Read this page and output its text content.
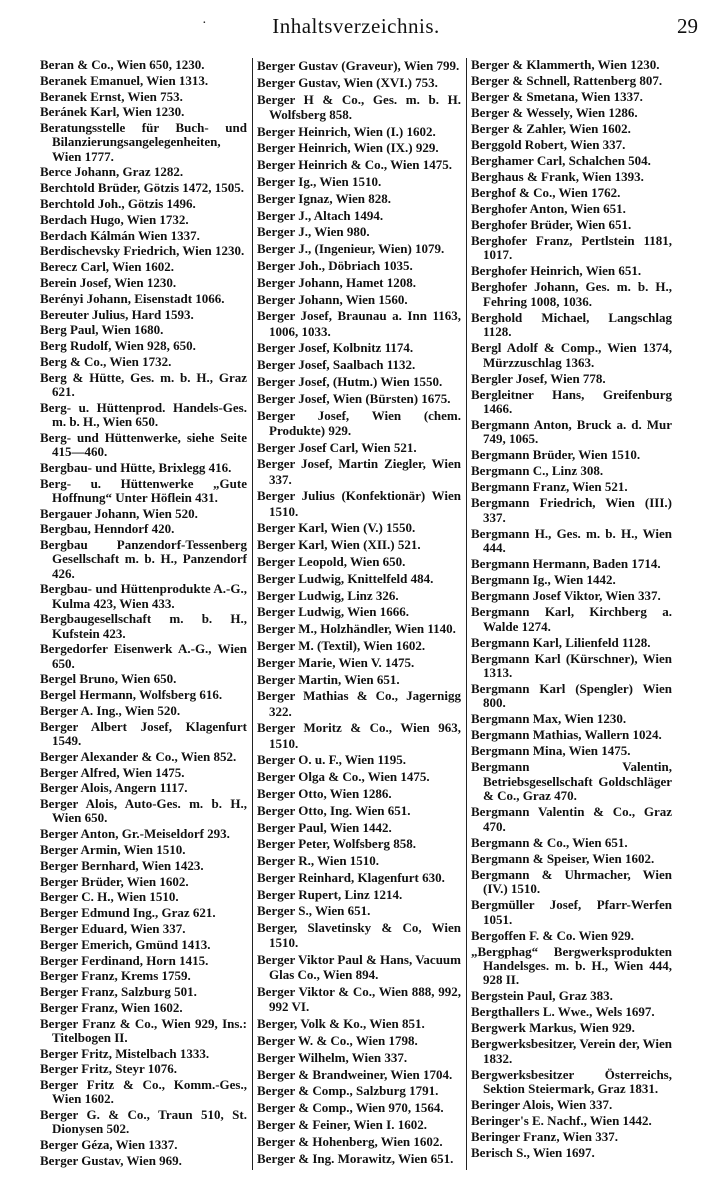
·	Inhaltsverzeichnis.	29
Beran & Co., Wien 650, 1230.
Beranek Emanuel, Wien 1313.
Beranek Ernst, Wien 753.
Beránek Karl, Wien 1230.
Beratungsstelle für Buch- und Bilanzierungsangelegenheiten, Wien 1777.
Berce Johann, Graz 1282.
Berchtold Brüder, Götzis 1472, 1505.
Berchtold Joh., Götzis 1496.
Berdach Hugo, Wien 1732.
Berdach Kálmán Wien 1337.
Berdischevsky Friedrich, Wien 1230.
Berecz Carl, Wien 1602.
Berein Josef, Wien 1230.
Berényi Johann, Eisenstadt 1066.
Bereuter Julius, Hard 1593.
Berg Paul, Wien 1680.
Berg Rudolf, Wien 928, 650.
Berg & Co., Wien 1732.
Berg & Hütte, Ges. m. b. H., Graz 621.
Berg- u. Hüttenprod. Handels-Ges. m. b. H., Wien 650.
Berg- und Hüttenwerke, siehe Seite 415—460.
Bergbau- und Hütte, Brixlegg 416.
Berg- u. Hüttenwerke „Gute Hoffnung“ Unter Höflein 431.
Bergauer Johann, Wien 520.
Bergbau, Henndorf 420.
Bergbau Panzendorf-Tessenberg Gesellschaft m. b. H., Panzendorf 426.
Bergbau- und Hüttenprodukte A.-G., Kulma 423, Wien 433.
Bergbaugesellschaft m. b. H., Kufstein 423.
Bergedorfer Eisenwerk A.-G., Wien 650.
Bergel Bruno, Wien 650.
Bergel Hermann, Wolfsberg 616.
Berger A. Ing., Wien 520.
Berger Albert Josef, Klagenfurt 1549.
Berger Alexander & Co., Wien 852.
Berger Alfred, Wien 1475.
Berger Alois, Angern 1117.
Berger Alois, Auto-Ges. m. b. H., Wien 650.
Berger Anton, Gr.-Meiseldorf 293.
Berger Armin, Wien 1510.
Berger Bernhard, Wien 1423.
Berger Brüder, Wien 1602.
Berger C. H., Wien 1510.
Berger Edmund Ing., Graz 621.
Berger Eduard, Wien 337.
Berger Emerich, Gmünd 1413.
Berger Ferdinand, Horn 1415.
Berger Franz, Krems 1759.
Berger Franz, Salzburg 501.
Berger Franz, Wien 1602.
Berger Franz & Co., Wien 929, Ins.: Titelbogen II.
Berger Fritz, Mistelbach 1333.
Berger Fritz, Steyr 1076.
Berger Fritz & Co., Komm.-Ges., Wien 1602.
Berger G. & Co., Traun 510, St. Dionysen 502.
Berger Géza, Wien 1337.
Berger Gustav, Wien 969.
Berger Gustav (Graveur), Wien 799.
Berger Gustav, Wien (XVI.) 753.
Berger H & Co., Ges. m. b. H. Wolfsberg 858.
Berger Heinrich, Wien (I.) 1602.
Berger Heinrich, Wien (IX.) 929.
Berger Heinrich & Co., Wien 1475.
Berger Ig., Wien 1510.
Berger Ignaz, Wien 828.
Berger J., Altach 1494.
Berger J., Wien 980.
Berger J., (Ingenieur, Wien) 1079.
Berger Joh., Döbriach 1035.
Berger Johann, Hamet 1208.
Berger Johann, Wien 1560.
Berger Josef, Braunau a. Inn 1163, 1006, 1033.
Berger Josef, Kolbnitz 1174.
Berger Josef, Saalbach 1132.
Berger Josef, (Hutm.) Wien 1550.
Berger Josef, Wien (Bürsten) 1675.
Berger Josef, Wien (chem. Produkte) 929.
Berger Josef Carl, Wien 521.
Berger Josef, Martin Ziegler, Wien 337.
Berger Julius (Konfektionär) Wien 1510.
Berger Karl, Wien (V.) 1550.
Berger Karl, Wien (XII.) 521.
Berger Leopold, Wien 650.
Berger Ludwig, Knittelfeld 484.
Berger Ludwig, Linz 326.
Berger Ludwig, Wien 1666.
Berger M., Holzhändler, Wien 1140.
Berger M. (Textil), Wien 1602.
Berger Marie, Wien V. 1475.
Berger Martin, Wien 651.
Berger Mathias & Co., Jagernigg 322.
Berger Moritz & Co., Wien 963, 1510.
Berger O. u. F., Wien 1195.
Berger Olga & Co., Wien 1475.
Berger Otto, Wien 1286.
Berger Otto, Ing. Wien 651.
Berger Paul, Wien 1442.
Berger Peter, Wolfsberg 858.
Berger R., Wien 1510.
Berger Reinhard, Klagenfurt 630.
Berger Rupert, Linz 1214.
Berger S., Wien 651.
Berger, Slavetinsky & Co, Wien 1510.
Berger Viktor Paul & Hans, Vacuum Glas Co., Wien 894.
Berger Viktor & Co., Wien 888, 992, 992 VI.
Berger, Volk & Ko., Wien 851.
Berger W. & Co., Wien 1798.
Berger Wilhelm, Wien 337.
Berger & Brandweiner, Wien 1704.
Berger & Comp., Salzburg 1791.
Berger & Comp., Wien 970, 1564.
Berger & Feiner, Wien I. 1602.
Berger & Hohenberg, Wien 1602.
Berger & Ing. Morawitz, Wien 651.
Berger & Klammerth, Wien 1230.
Berger & Schnell, Rattenberg 807.
Berger & Smetana, Wien 1337.
Berger & Wessely, Wien 1286.
Berger & Zahler, Wien 1602.
Berggold Robert, Wien 337.
Berghamer Carl, Schalchen 504.
Berghaus & Frank, Wien 1393.
Berghof & Co., Wien 1762.
Berghofer Anton, Wien 651.
Berghofer Brüder, Wien 651.
Berghofer Franz, Pertlstein 1181, 1017.
Berghofer Heinrich, Wien 651.
Berghofer Johann, Ges. m. b. H., Fehring 1008, 1036.
Berghold Michael, Langschlag 1128.
Bergl Adolf & Comp., Wien 1374, Mürzzuschlag 1363.
Bergler Josef, Wien 778.
Bergleitner Hans, Greifenburg 1466.
Bergmann Anton, Bruck a. d. Mur 749, 1065.
Bergmann Brüder, Wien 1510.
Bergmann C., Linz 308.
Bergmann Franz, Wien 521.
Bergmann Friedrich, Wien (III.) 337.
Bergmann H., Ges. m. b. H., Wien 444.
Bergmann Hermann, Baden 1714.
Bergmann Ig., Wien 1442.
Bergmann Josef Viktor, Wien 337.
Bergmann Karl, Kirchberg a. Walde 1274.
Bergmann Karl, Lilienfeld 1128.
Bergmann Karl (Kürschner), Wien 1313.
Bergmann Karl (Spengler) Wien 800.
Bergmann Max, Wien 1230.
Bergmann Mathias, Wallern 1024.
Bergmann Mina, Wien 1475.
Bergmann Valentin, Betriebsgesellschaft Goldschläger & Co., Graz 470.
Bergmann Valentin & Co., Graz 470.
Bergmann & Co., Wien 651.
Bergmann & Speiser, Wien 1602.
Bergmann & Uhrmacher, Wien (IV.) 1510.
Bergmüller Josef, Pfarr-Werfen 1051.
Bergoffen F. & Co. Wien 929.
„Bergphag“ Bergwerksprodukten Handelsges. m. b. H., Wien 444, 928 II.
Bergstein Paul, Graz 383.
Bergthallers L. Wwe., Wels 1697.
Bergwerk Markus, Wien 929.
Bergwerksbesitzer, Verein der, Wien 1832.
Bergwerksbesitzer Österreichs, Sektion Steiermark, Graz 1831.
Beringer Alois, Wien 337.
Beringer's E. Nachf., Wien 1442.
Beringer Franz, Wien 337.
Berisch S., Wien 1697.
